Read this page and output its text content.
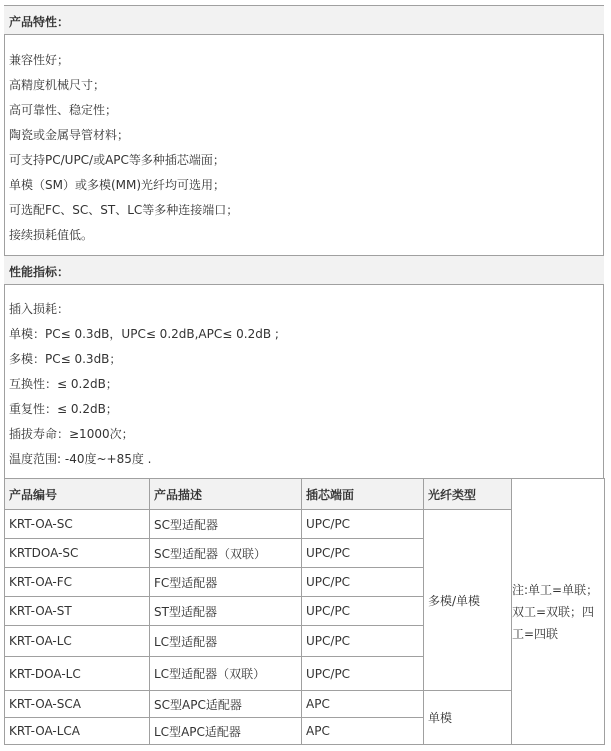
产品特性：
兼容性好；
高精度机械尺寸；
高可靠性、稳定性；
陶瓷或金属导管材料；
可支持PC/UPC/或APC等多种插芯端面；
单模（SM）或多模(MM)光纤均可选用；
可选配FC、SC、ST、LC等多种连接端口；
接续损耗值低。
性能指标：
插入损耗：
单模：PC≤ 0.3dB，UPC≤ 0.2dB,APC≤ 0.2dB ;
多模：PC≤ 0.3dB；
互换性：≤ 0.2dB；
重复性：≤ 0.2dB；
插拔寿命：≥1000次；
温度范围: -40度~+85度 .
产品编号	产品描述	插芯端面	光纤类型	注:单工=单联；双工=双联；四工=四联

KRT-OA-SC	SC型适配器	UPC/PC	多模/单模	
KRTDOA-SC	SC型适配器（双联）	UPC/PC		
KRT-OA-FC	FC型适配器	UPC/PC		
KRT-OA-ST	ST型适配器	UPC/PC		
KRT-OA-LC	LC型适配器	UPC/PC		
KRT-DOA-LC	LC型适配器（双联）	UPC/PC		
KRT-OA-SCA	SC型APC适配器	APC	单模	
KRT-OA-LCA	LC型APC适配器	APC		
